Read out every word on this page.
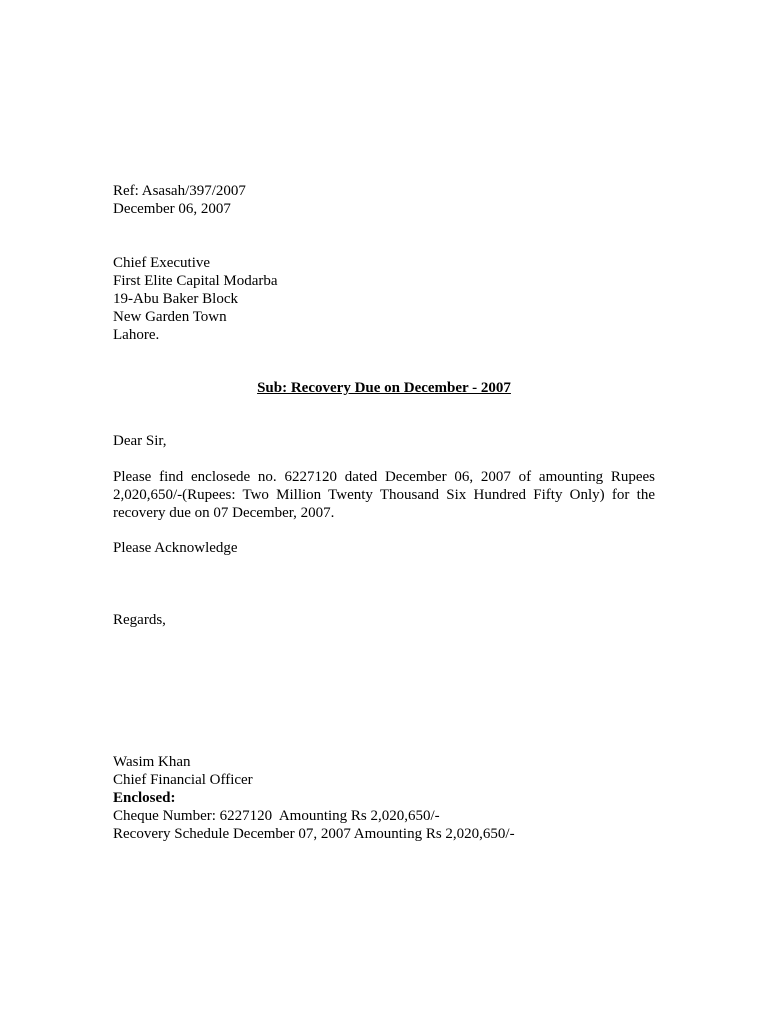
Ref: Asasah/397/2007
December 06, 2007
Chief Executive
First Elite Capital Modarba
19-Abu Baker Block
New Garden Town
Lahore.
Sub: Recovery Due on December - 2007
Dear Sir,
Please find enclosede no. 6227120 dated December 06, 2007 of amounting Rupees 2,020,650/-(Rupees: Two Million Twenty Thousand Six Hundred Fifty Only) for the recovery due on 07 December, 2007.
Please Acknowledge
Regards,
Wasim Khan
Chief Financial Officer
Enclosed:
Cheque Number: 6227120  Amounting Rs 2,020,650/-
Recovery Schedule December 07, 2007 Amounting Rs 2,020,650/-
